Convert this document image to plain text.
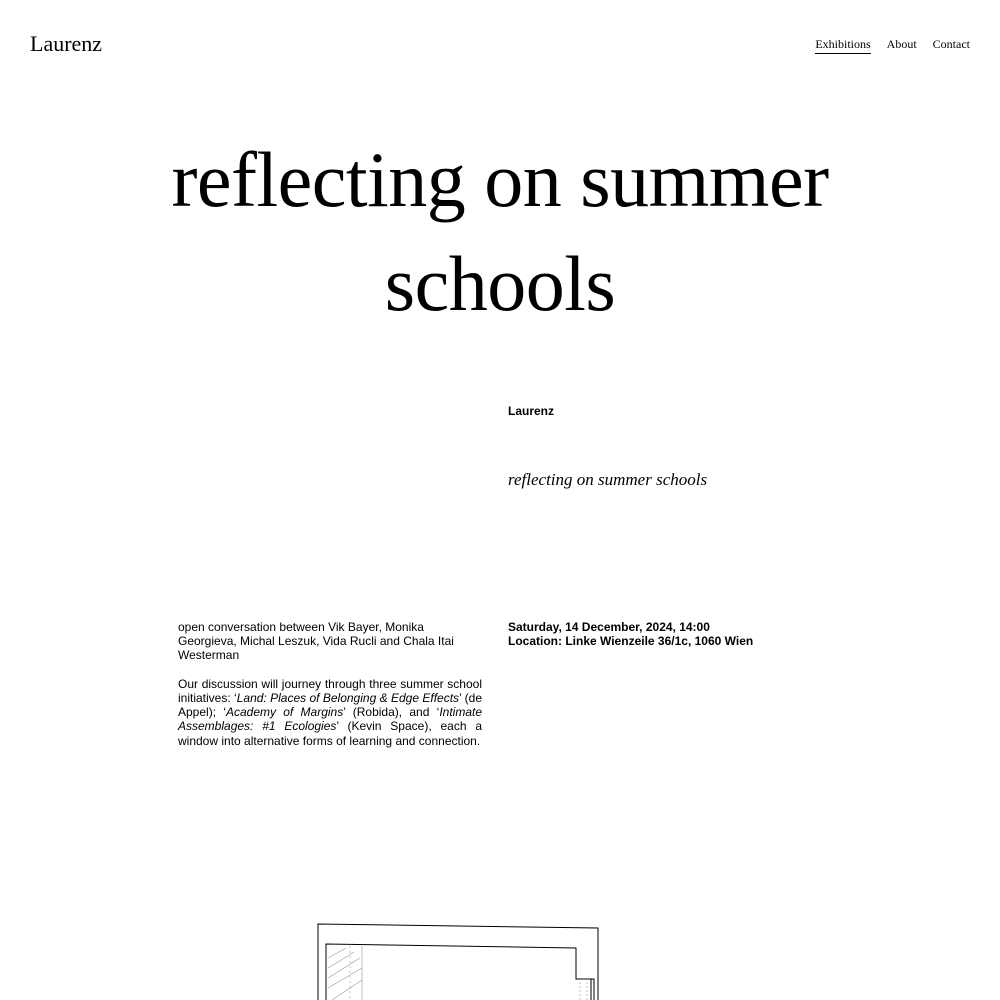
Laurenz	Exhibitions About Contact
reflecting on summer
schools
Laurenz
reflecting on summer schools

open conversation between Vik Bayer, Monika Georgieva, Michal Leszuk, Vida Rucli and Chala Itai Westerman

Our discussion will journey through three summer school initiatives: ‘Land: Places of Belonging & Edge Effects’ (de Appel); ‘Academy of Margins’ (Robida), and ‘Intimate Assemblages: #1 Ecologies’ (Kevin Space), each a window into alternative forms of learning and connection.

Saturday, 14 December, 2024, 14:00
Location: Linke Wienzeile 36/1c, 1060 Wien
